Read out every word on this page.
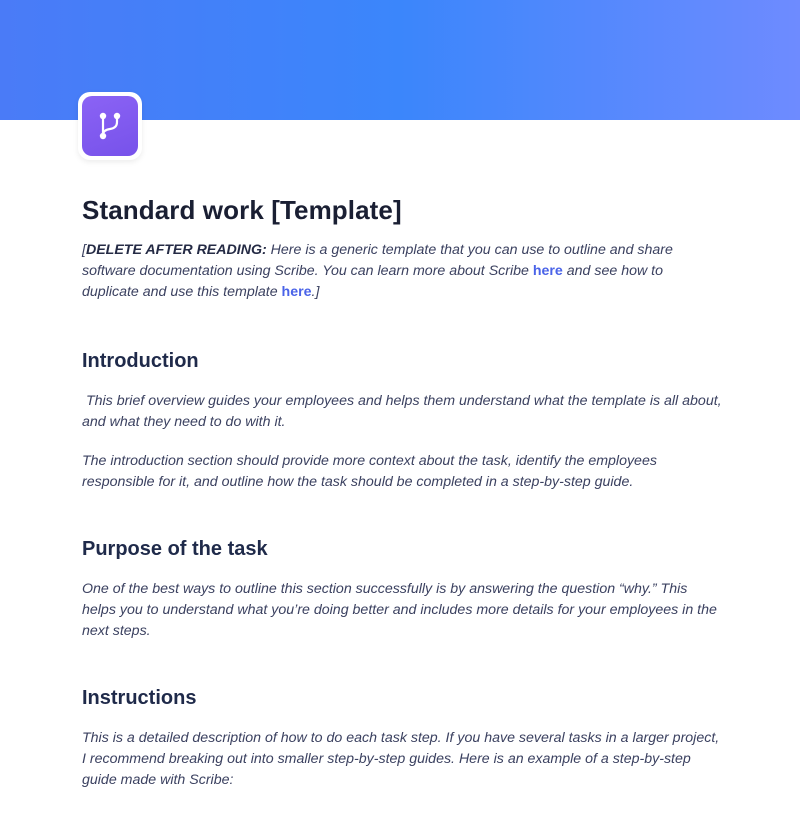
Standard work [Template]

[DELETE AFTER READING: Here is a generic template that you can use to outline and share software documentation using Scribe. You can learn more about Scribe here and see how to duplicate and use this template here.]

Introduction

This brief overview guides your employees and helps them understand what the template is all about, and what they need to do with it.

The introduction section should provide more context about the task, identify the employees responsible for it, and outline how the task should be completed in a step-by-step guide.

Purpose of the task

One of the best ways to outline this section successfully is by answering the question “why.” This helps you to understand what you’re doing better and includes more details for your employees in the next steps.

Instructions

This is a detailed description of how to do each task step. If you have several tasks in a larger project, I recommend breaking out into smaller step-by-step guides. Here is an example of a step-by-step guide made with Scribe:
